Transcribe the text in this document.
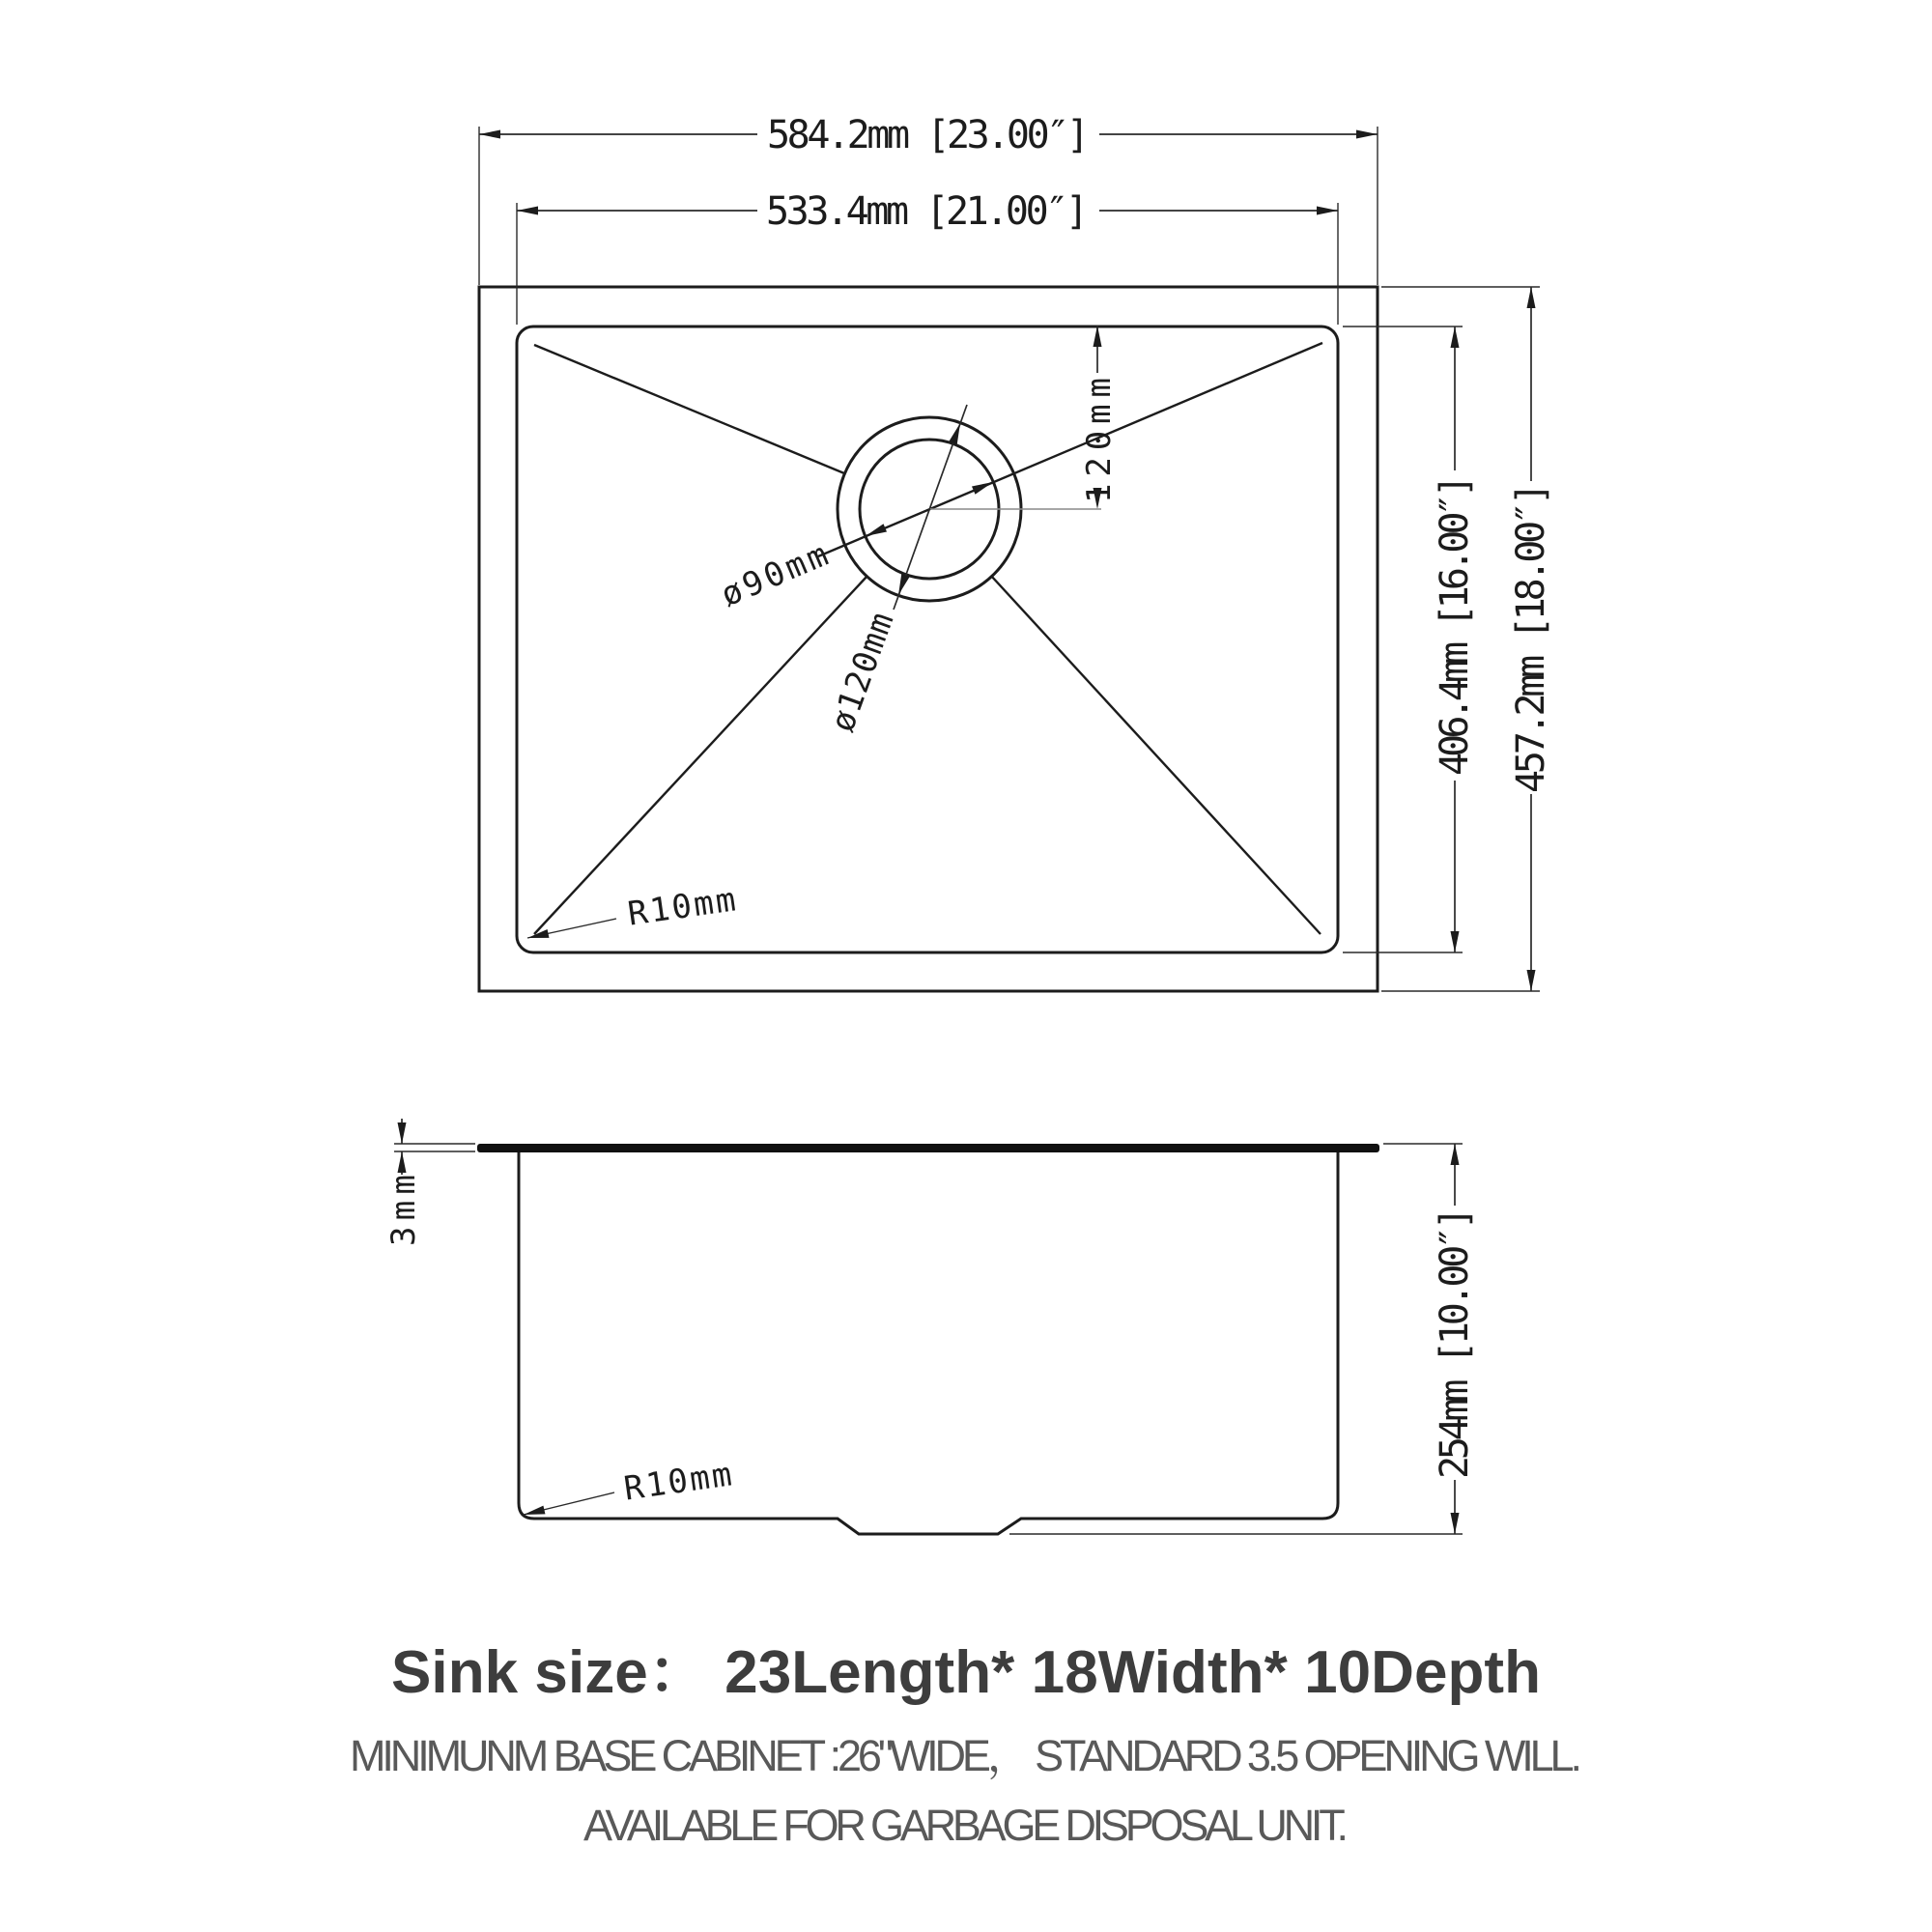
ø90mm
ø120mm
120mm
584.2mm [23.00″]
533.4mm [21.00″]
406.4mm [16.00″]
457.2mm [18.00″]
R10mm
3mm
254mm [10.00″]
R10mm
Sink size： 23Length* 18Width* 10Depth
MINIMUNM BASE CABINET :26"WIDE， STANDARD 3.5 OPENING WILL.
AVAILABLE FOR GARBAGE DISPOSAL UNIT.
